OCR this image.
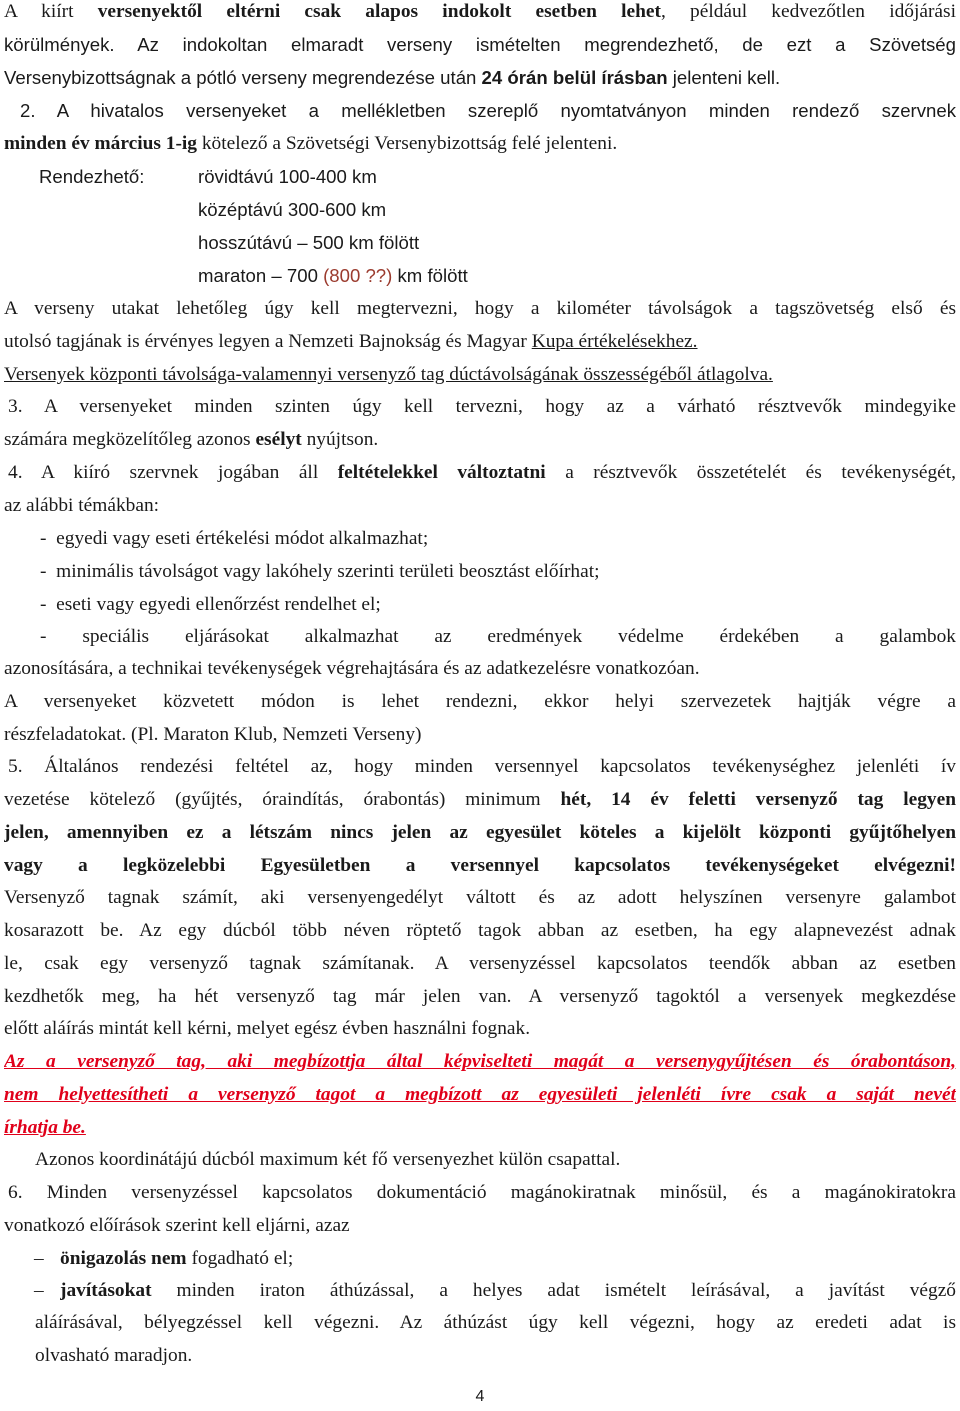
A kiírt versenyektől eltérni csak alapos indokolt esetben lehet, például kedvezőtlen időjárási
körülmények. Az indokoltan elmaradt verseny ismételten megrendezhető, de ezt a Szövetség
Versenybizottságnak a pótló verseny megrendezése után 24 órán belül írásban jelenteni kell.
2. A hivatalos versenyeket a mellékletben szereplő nyomtatványon minden rendező szervnek
minden év március 1-ig kötelező a Szövetségi Versenybizottság felé jelenteni.
Rendezhető:	rövidtávú 100-400 km
középtávú 300-600 km
hosszútávú – 500 km fölött
maraton – 700 (800 ??) km fölött
A verseny utakat lehetőleg úgy kell megtervezni, hogy a kilométer távolságok a tagszövetség első és
utolsó tagjának is érvényes legyen a Nemzeti Bajnokság és Magyar Kupa értékelésekhez.
Versenyek központi távolsága-valamennyi versenyző tag dúctávolságának összességéből átlagolva.
3. A versenyeket minden szinten úgy kell tervezni, hogy az a várható résztvevők mindegyike
számára megközelítőleg azonos esélyt nyújtson.
4. A kiíró szervnek jogában áll feltételekkel változtatni a résztvevők összetételét és tevékenységét,
az alábbi témákban:
-  egyedi vagy eseti értékelési módot alkalmazhat;
-  minimális távolságot vagy lakóhely szerinti területi beosztást előírhat;
-  eseti vagy egyedi ellenőrzést rendelhet el;
- speciális eljárásokat alkalmazhat az eredmények védelme érdekében a galambok
azonosítására, a technikai tevékenységek végrehajtására és az adatkezelésre vonatkozóan.
A versenyeket közvetett módon is lehet rendezni, ekkor helyi szervezetek hajtják végre a
részfeladatokat. (Pl. Maraton Klub, Nemzeti Verseny)
5. Általános rendezési feltétel az, hogy minden versennyel kapcsolatos tevékenységhez jelenléti ív
vezetése kötelező (gyűjtés, óraindítás, órabontás) minimum hét, 14 év feletti versenyző tag legyen
jelen, amennyiben ez a létszám nincs jelen az egyesület köteles a kijelölt központi gyűjtőhelyen
vagy a legközelebbi Egyesületben a versennyel kapcsolatos tevékenységeket elvégezni!
Versenyző tagnak számít, aki versenyengedélyt váltott és az adott helyszínen versenyre galambot
kosarazott be. Az egy dúcból több néven röptető tagok abban az esetben, ha egy alapnevezést adnak
le, csak egy versenyző tagnak számítanak. A versenyzéssel kapcsolatos teendők abban az esetben
kezdhetők meg, ha hét versenyző tag már jelen van. A versenyző tagoktól a versenyek megkezdése
előtt aláírás mintát kell kérni, melyet egész évben használni fognak.
Az a versenyző tag, aki megbízottja által képviselteti magát a versenygyűjtésen és órabontáson,
nem helyettesítheti a versenyző tagot a megbízott az egyesületi jelenléti ívre csak a saját nevét
írhatja be.
Azonos koordinátájú dúcból maximum két fő versenyezhet külön csapattal.
6. Minden versenyzéssel kapcsolatos dokumentáció magánokiratnak minősül, és a magánokiratokra
vonatkozó előírások szerint kell eljárni, azaz
– önigazolás nem fogadható el;
– javításokat minden iraton áthúzással, a helyes adat ismételt leírásával, a javítást végző
aláírásával, bélyegzéssel kell végezni. Az áthúzást úgy kell végezni, hogy az eredeti adat is
olvasható maradjon.
4
